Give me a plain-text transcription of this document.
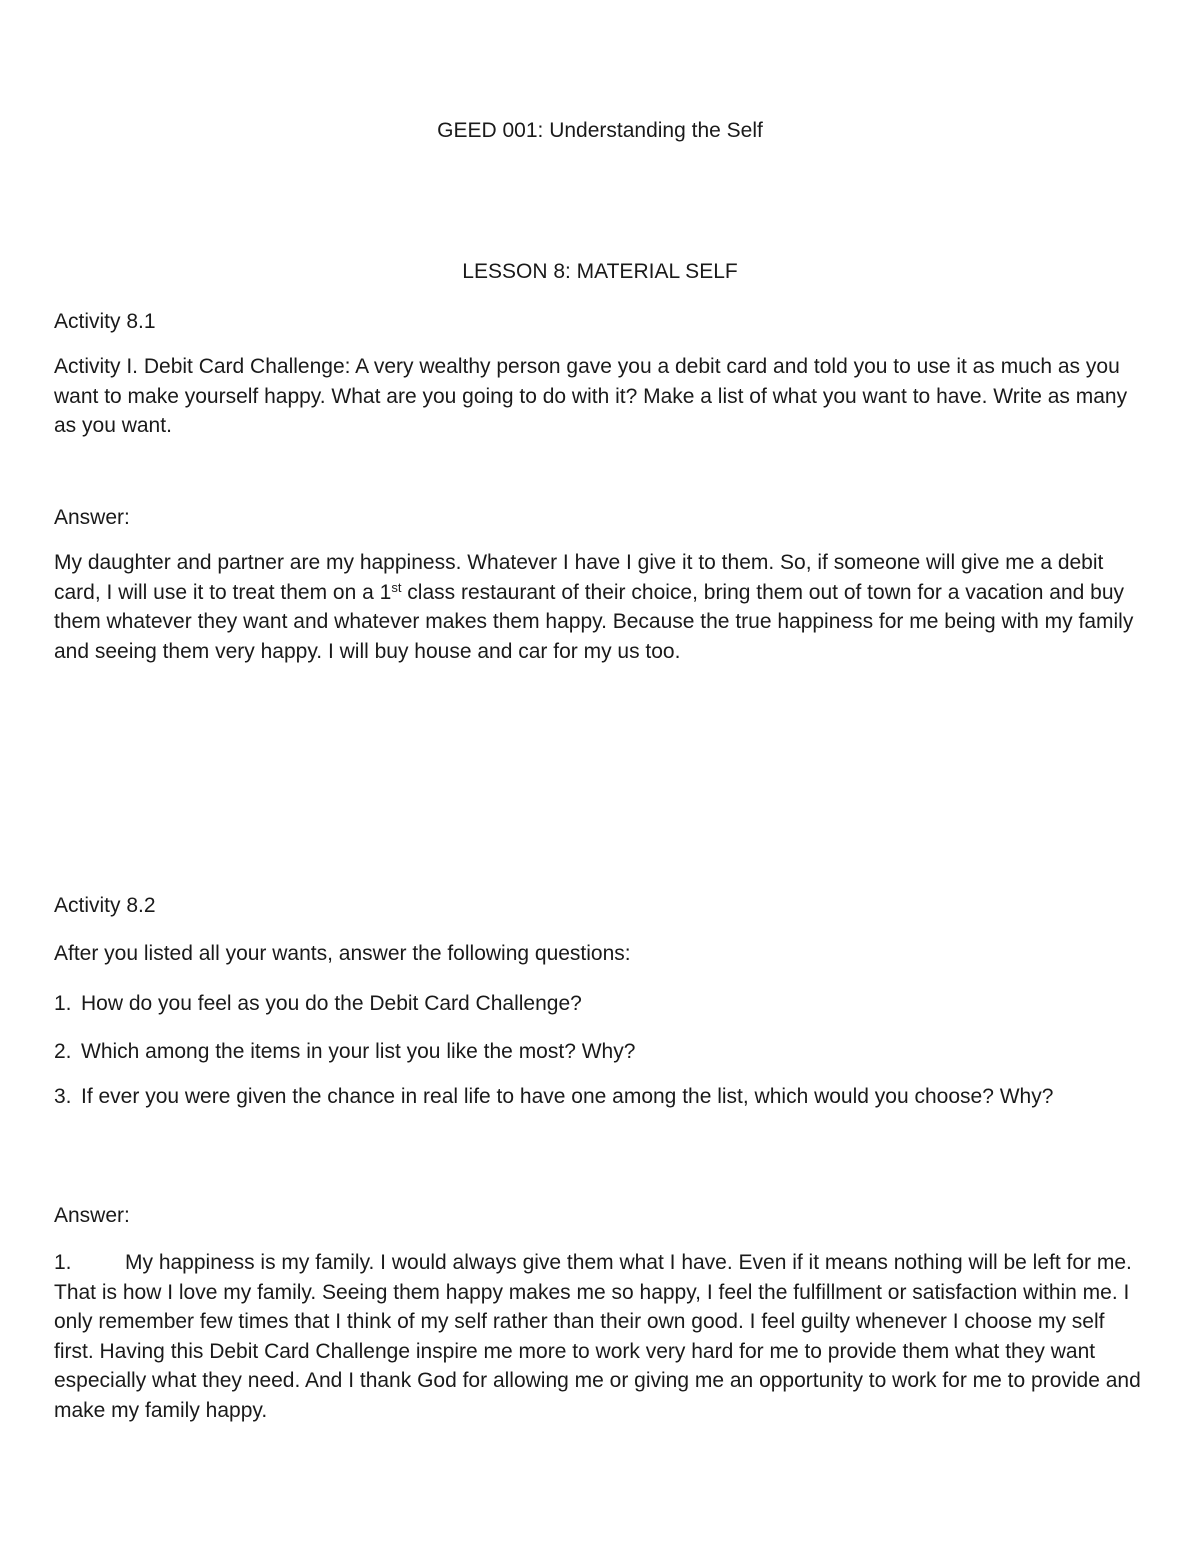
GEED 001: Understanding the Self
LESSON 8: MATERIAL SELF
Activity 8.1

Activity I. Debit Card Challenge: A very wealthy person gave you a debit card and told you to use it as much as you want to make yourself happy. What are you going to do with it? Make a list of what you want to have. Write as many as you want.

Answer:

My daughter and partner are my happiness. Whatever I have I give it to them. So, if someone will give me a debit card, I will use it to treat them on a 1st class restaurant of their choice, bring them out of town for a vacation and buy them whatever they want and whatever makes them happy. Because the true happiness for me being with my family and seeing them very happy. I will buy house and car for my us too.

Activity 8.2
After you listed all your wants, answer the following questions:
1. How do you feel as you do the Debit Card Challenge?
2. Which among the items in your list you like the most? Why?
3. If ever you were given the chance in real life to have one among the list, which would you choose? Why?
Answer:

1.	My happiness is my family. I would always give them what I have. Even if it means nothing will be left for me. That is how I love my family. Seeing them happy makes me so happy, I feel the fulfillment or satisfaction within me. I only remember few times that I think of my self rather than their own good. I feel guilty whenever I choose my self first. Having this Debit Card Challenge inspire me more to work very hard for me to provide them what they want especially what they need. And I thank God for allowing me or giving me an opportunity to work for me to provide and make my family happy.
